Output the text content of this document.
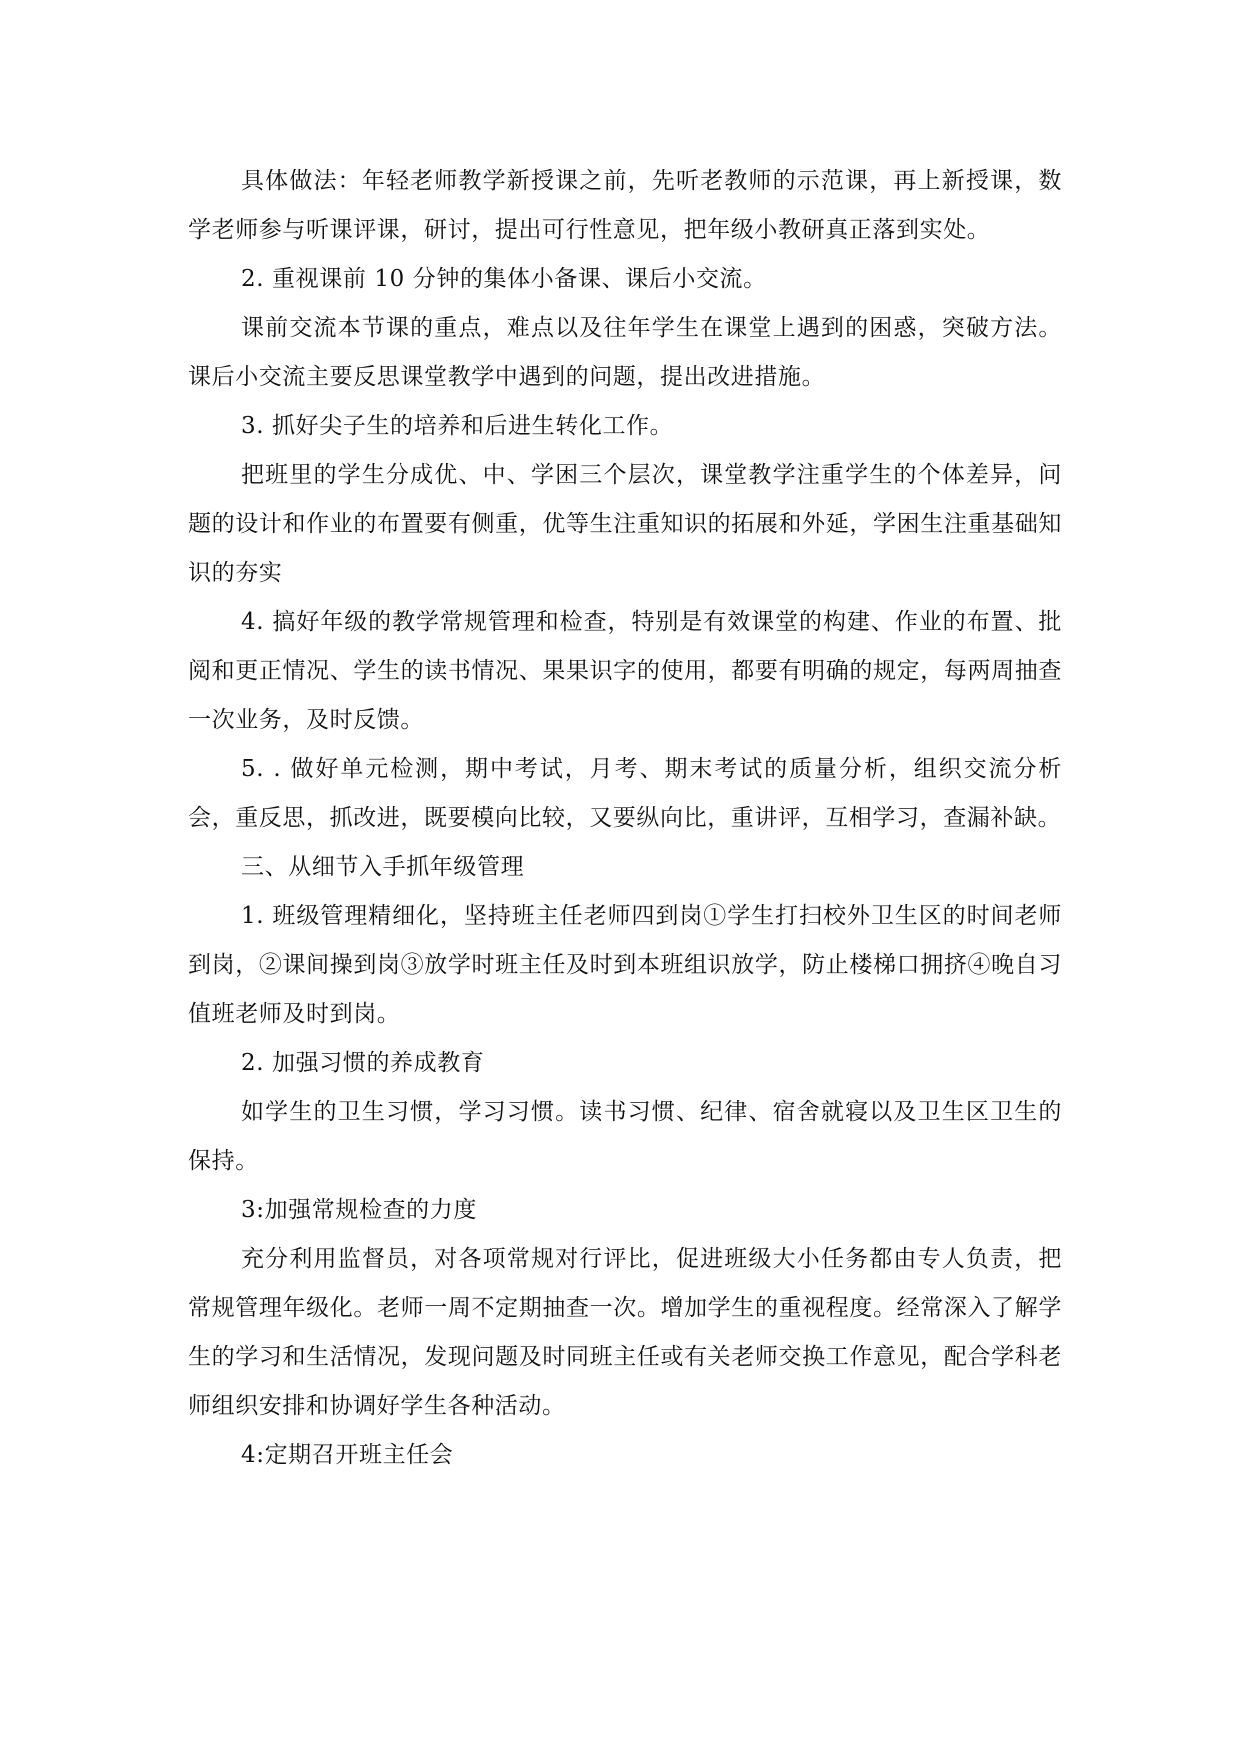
具体做法：年轻老师教学新授课之前，先听老教师的示范课，再上新授课，数学老师参与听课评课，研讨，提出可行性意见，把年级小教研真正落到实处。

2. 重视课前 10 分钟的集体小备课、课后小交流。

课前交流本节课的重点，难点以及往年学生在课堂上遇到的困惑，突破方法。课后小交流主要反思课堂教学中遇到的问题，提出改进措施。

3. 抓好尖子生的培养和后进生转化工作。

把班里的学生分成优、中、学困三个层次，课堂教学注重学生的个体差异，问题的设计和作业的布置要有侧重，优等生注重知识的拓展和外延，学困生注重基础知识的夯实

4. 搞好年级的教学常规管理和检查，特别是有效课堂的构建、作业的布置、批阅和更正情况、学生的读书情况、果果识字的使用，都要有明确的规定，每两周抽查一次业务，及时反馈。

5. . 做好单元检测，期中考试，月考、期末考试的质量分析，组织交流分析会，重反思，抓改进，既要模向比较，又要纵向比，重讲评，互相学习，查漏补缺。

三、从细节入手抓年级管理

1. 班级管理精细化，坚持班主任老师四到岗①学生打扫校外卫生区的时间老师到岗，②课间操到岗③放学时班主任及时到本班组识放学，防止楼梯口拥挤④晚自习值班老师及时到岗。

2. 加强习惯的养成教育

如学生的卫生习惯，学习习惯。读书习惯、纪律、宿舍就寝以及卫生区卫生的保持。

3:加强常规检查的力度

充分利用监督员，对各项常规对行评比，促进班级大小任务都由专人负责，把常规管理年级化。老师一周不定期抽查一次。增加学生的重视程度。经常深入了解学生的学习和生活情况，发现问题及时同班主任或有关老师交换工作意见，配合学科老师组织安排和协调好学生各种活动。

4:定期召开班主任会
